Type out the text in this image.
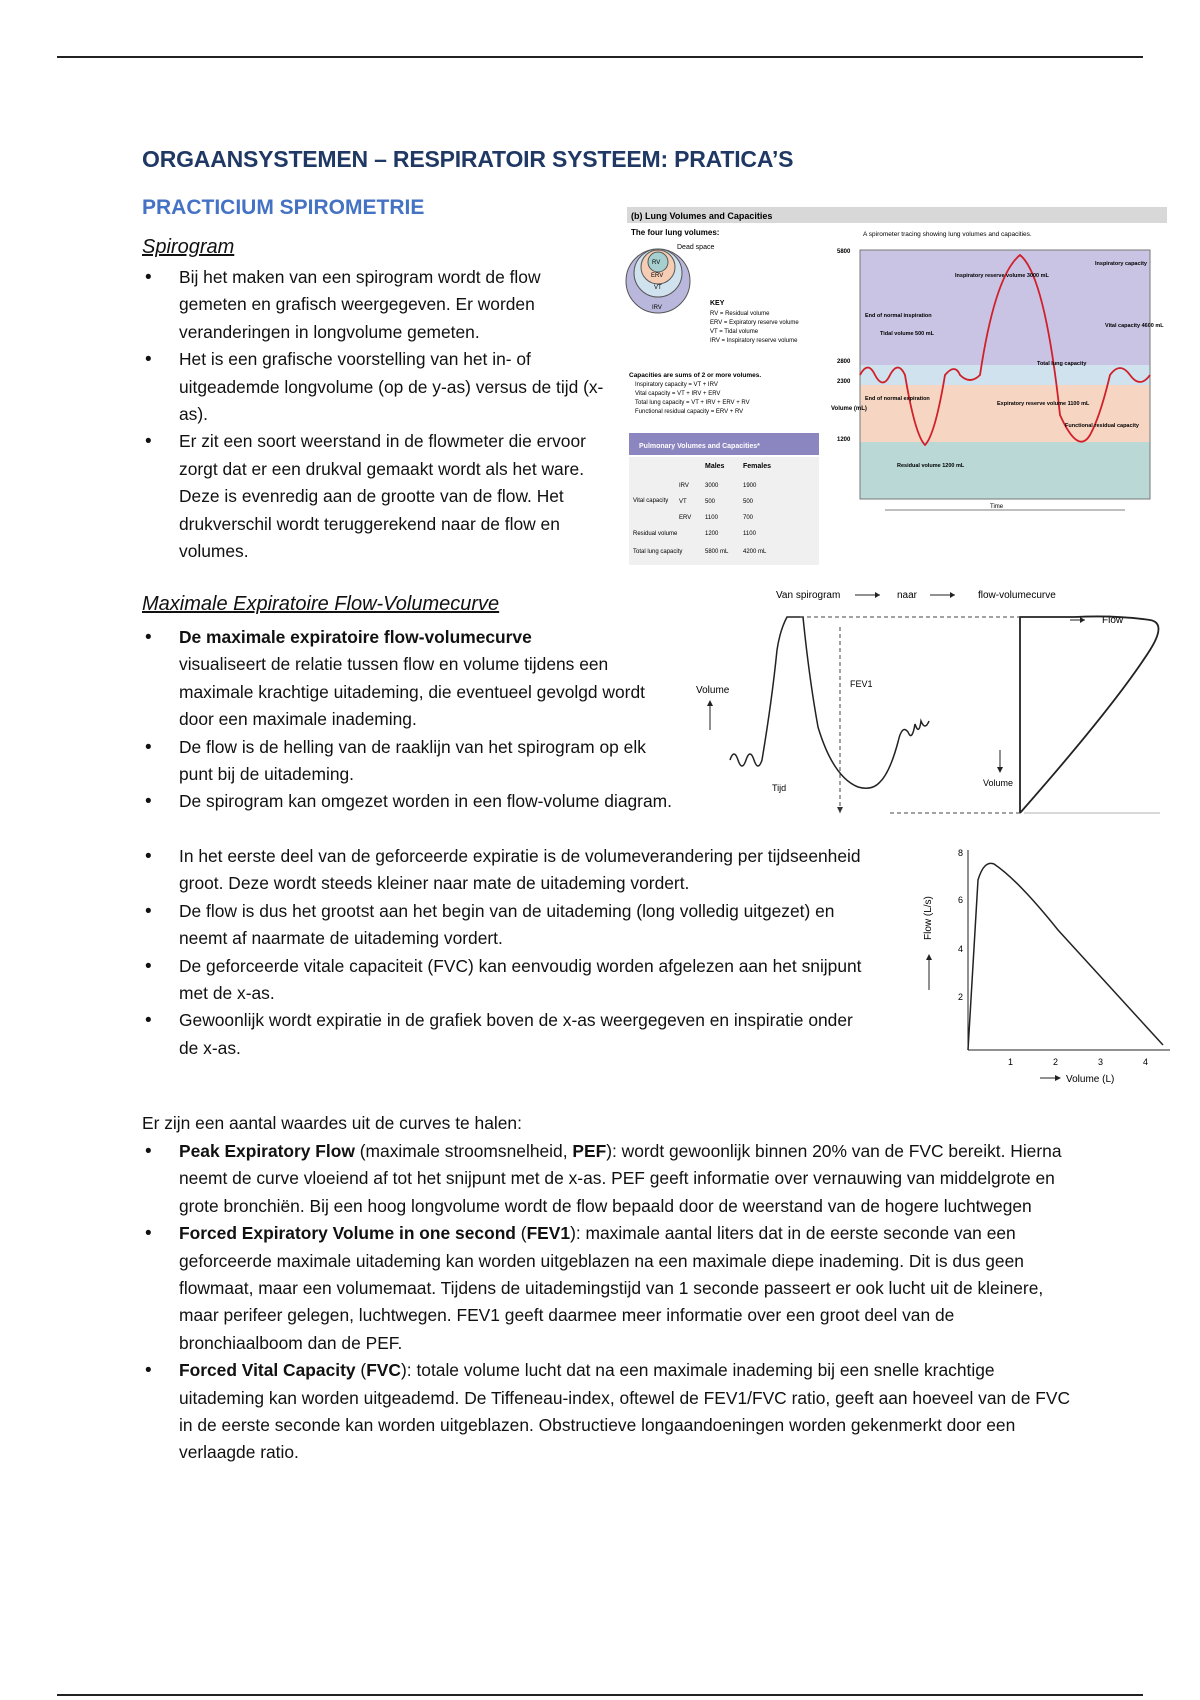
ORGAANSYSTEMEN – RESPIRATOIR SYSTEEM: PRATICA’S
PRACTICIUM SPIROMETRIE
Spirogram
• Bij het maken van een spirogram wordt de flow gemeten en grafisch weergegeven. Er worden veranderingen in longvolume gemeten.
• Het is een grafische voorstelling van het in- of uitgeademde longvolume (op de y-as) versus de tijd (x-as).
• Er zit een soort weerstand in de flowmeter die ervoor zorgt dat er een drukval gemaakt wordt als het ware. Deze is evenredig aan de grootte van de flow. Het drukverschil wordt teruggerekend naar de flow en volumes.
(b) Lung Volumes and Capacities
The four lung volumes:
Dead space
RV
ERV
VT
IRV
KEY
RV = Residual volume
ERV = Expiratory reserve volume
VT = Tidal volume
IRV = Inspiratory reserve volume
Capacities are sums of 2 or more volumes.
Inspiratory capacity = VT + IRV
Vital capacity = VT + IRV + ERV
Total lung capacity = VT + IRV + ERV + RV
Functional residual capacity = ERV + RV
Pulmonary Volumes and Capacities*
Males	Females
Vital capacity
IRV	3000	1900
VT	500	500
ERV 1100	700
Residual volume	1200	1100
Total lung capacity	5800 mL 4200 mL
A spirometer tracing showing lung volumes and capacities.
5800
2800
2300
1200
Volume (mL)
Inspiratory reserve volume 3000 mL
Inspiratory capacity
Vital capacity 4600 mL
Total lung capacity
End of normal inspiration
Tidal volume 500 mL
End of normal expiration
Expiratory reserve volume 1100 mL
Residual volume 1200 mL
Functional residual capacity
Time
Maximale Expiratoire Flow-Volumecurve
• De maximale expiratoire flow-volumecurve
visualiseert de relatie tussen flow en volume tijdens een maximale krachtige uitademing, die eventueel gevolgd wordt door een maximale inademing.
• De flow is de helling van de raaklijn van het spirogram op elk punt bij de uitademing.
• De spirogram kan omgezet worden in een flow-volume diagram.
• In het eerste deel van de geforceerde expiratie is de volumeverandering per tijdseenheid groot. Deze wordt steeds kleiner naar mate de uitademing vordert.
• De flow is dus het grootst aan het begin van de uitademing (long volledig uitgezet) en neemt af naarmate de uitademing vordert.
• De geforceerde vitale capaciteit (FVC) kan eenvoudig worden afgelezen aan het snijpunt met de x-as.
• Gewoonlijk wordt expiratie in de grafiek boven de x-as weergegeven en inspiratie onder de x-as.
Van spirogram	naar	flow-volumecurve
Flow
Volume
FEV1
Tijd	Volume
Flow (L/s)
8
6
4
2
1	2	3	4
Volume (L)

Er zijn een aantal waardes uit de curves te halen:

• Peak Expiratory Flow (maximale stroomsnelheid, PEF): wordt gewoonlijk binnen 20% van de FVC bereikt. Hierna neemt de curve vloeiend af tot het snijpunt met de x-as. PEF geeft informatie over vernauwing van middelgrote en grote bronchiën. Bij een hoog longvolume wordt de flow bepaald door de weerstand van de hogere luchtwegen
• Forced Expiratory Volume in one second (FEV1): maximale aantal liters dat in de eerste seconde van een geforceerde maximale uitademing kan worden uitgeblazen na een maximale diepe inademing. Dit is dus geen flowmaat, maar een volumemaat. Tijdens de uitademingstijd van 1 seconde passeert er ook lucht uit de kleinere, maar perifeer gelegen, luchtwegen. FEV1 geeft daarmee meer informatie over een groot deel van de bronchiaalboom dan de PEF.
• Forced Vital Capacity (FVC): totale volume lucht dat na een maximale inademing bij een snelle krachtige uitademing kan worden uitgeademd. De Tiffeneau-index, oftewel de FEV1/FVC ratio, geeft aan hoeveel van de FVC in de eerste seconde kan worden uitgeblazen. Obstructieve longaandoeningen worden gekenmerkt door een verlaagde ratio.
